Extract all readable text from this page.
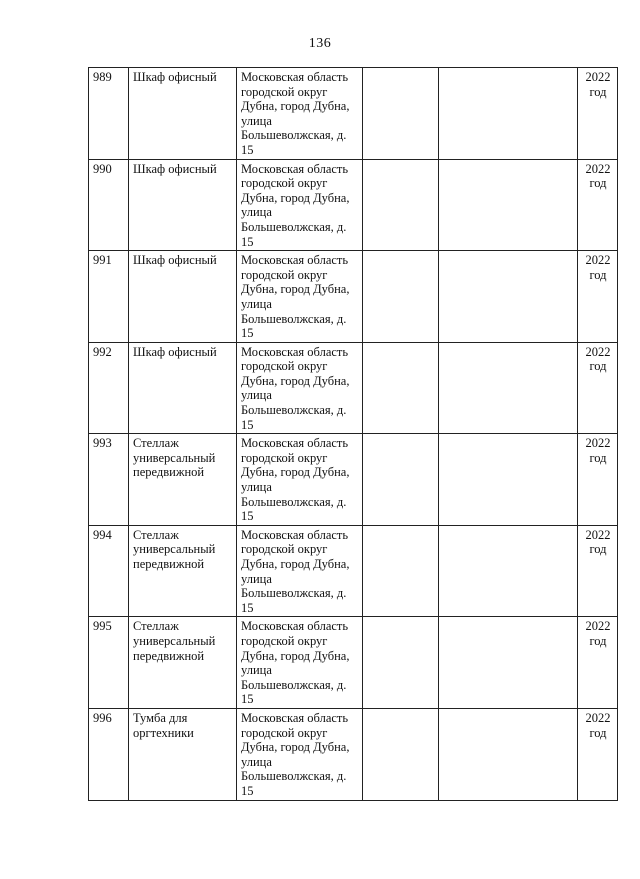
136
989	Шкаф офисный	Московская область городской округ Дубна, город Дубна, улица Большеволжская, д. 15			2022 год
990	Шкаф офисный	Московская область городской округ Дубна, город Дубна, улица Большеволжская, д. 15			2022 год
991	Шкаф офисный	Московская область городской округ Дубна, город Дубна, улица Большеволжская, д. 15			2022 год
992	Шкаф офисный	Московская область городской округ Дубна, город Дубна, улица Большеволжская, д. 15			2022 год
993	Стеллаж универсальный передвижной	Московская область городской округ Дубна, город Дубна, улица Большеволжская, д. 15			2022 год
994	Стеллаж универсальный передвижной	Московская область городской округ Дубна, город Дубна, улица Большеволжская, д. 15			2022 год
995	Стеллаж универсальный передвижной	Московская область городской округ Дубна, город Дубна, улица Большеволжская, д. 15			2022 год
996	Тумба для оргтехники	Московская область городской округ Дубна, город Дубна, улица Большеволжская, д. 15			2022 год
